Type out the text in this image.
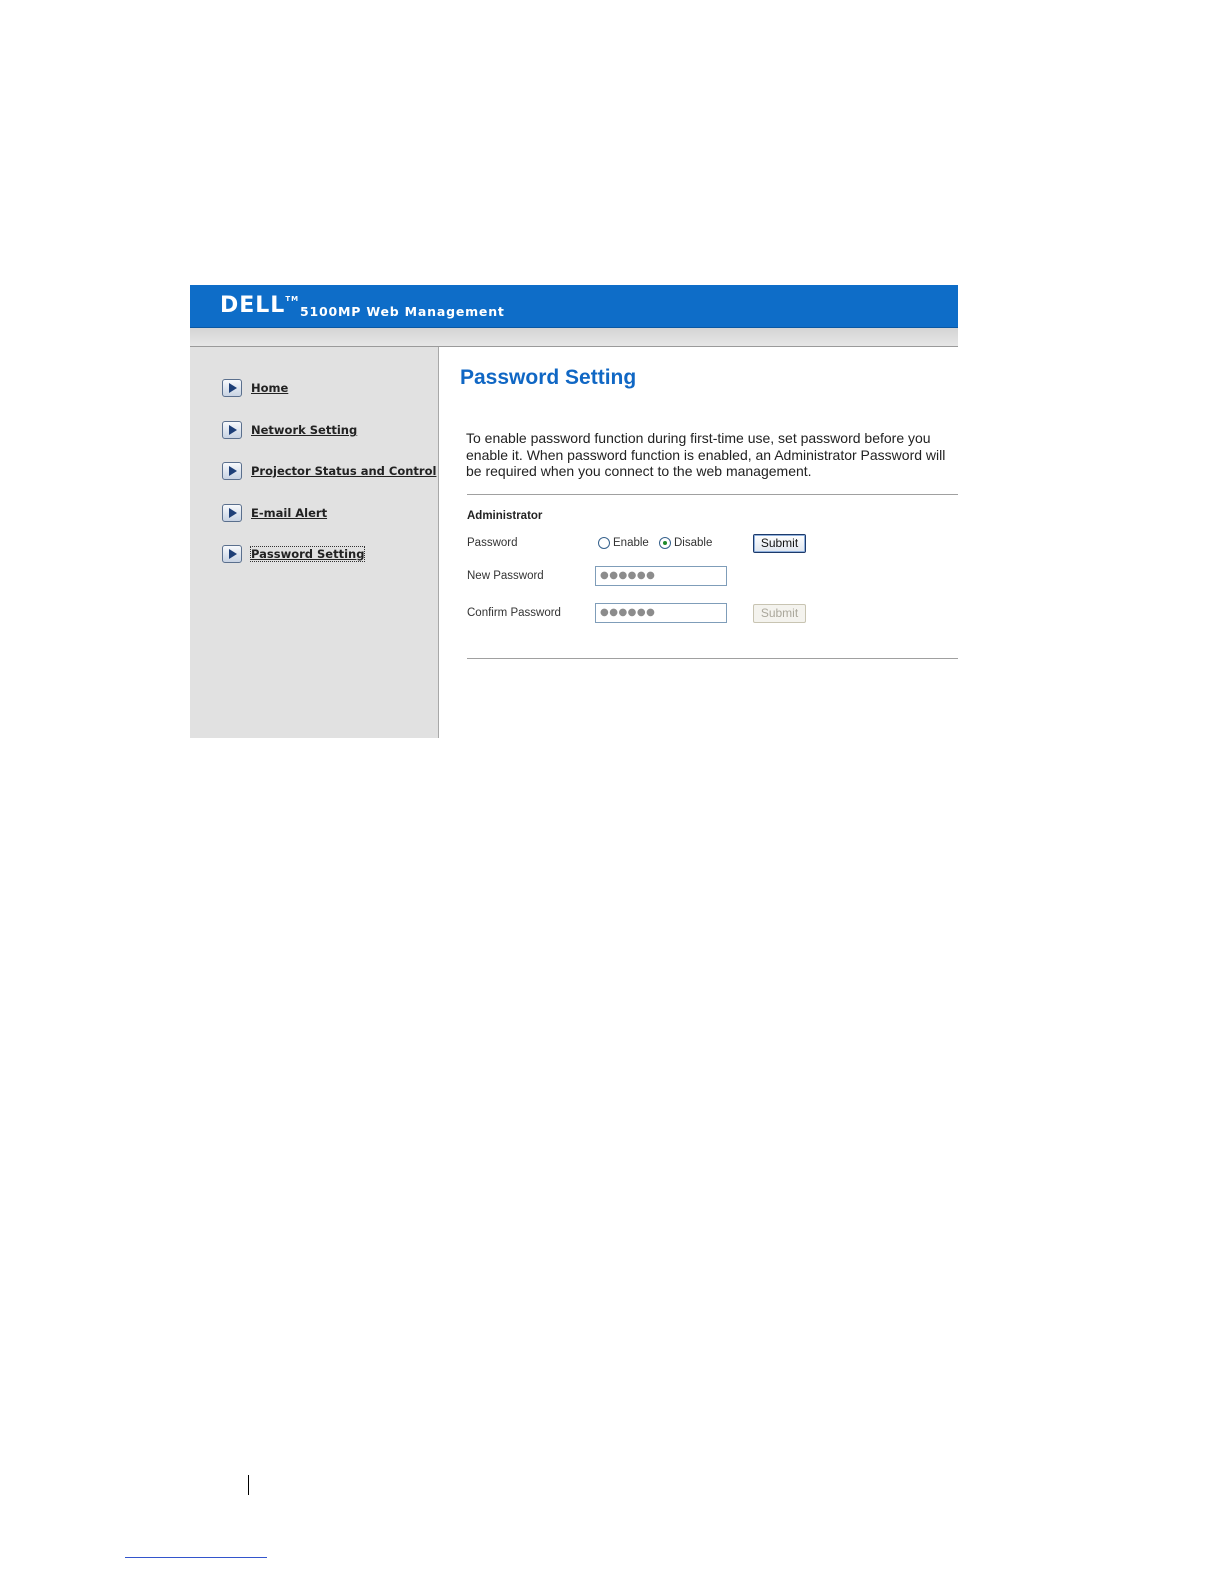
DELL™
5100MP Web Management
Home
Network Setting
Projector Status and Control
E-mail Alert
Password Setting
Password Setting
To enable password function during first-time use, set password before you enable it. When password function is enabled, an Administrator Password will be required when you connect to the web management.
Administrator
Password	Enable Disable	Submit
New Password	●●●●●●
Confirm Password	●●●●●●	Submit
